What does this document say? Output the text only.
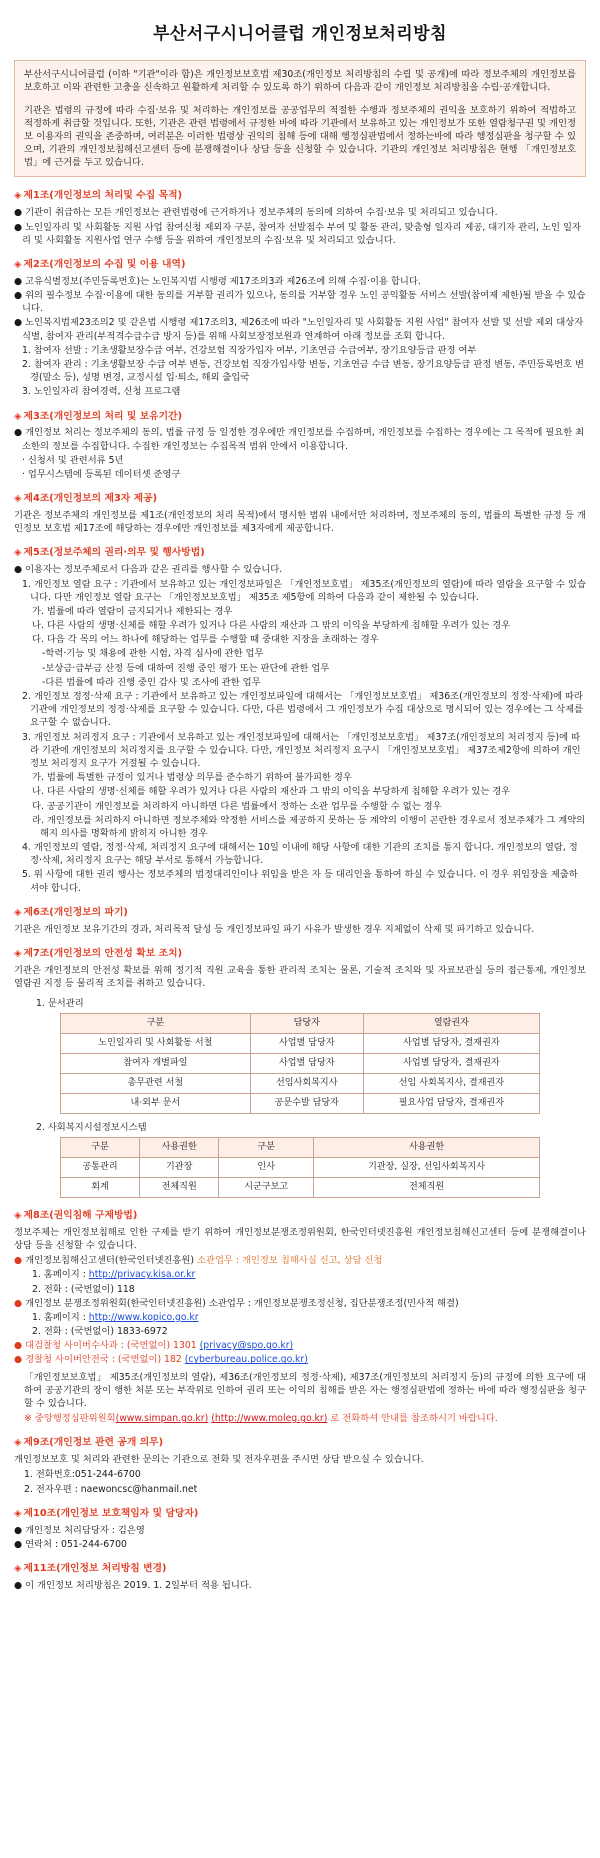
부산서구시니어클럽 개인정보처리방침

부산서구시니어클럽 (이하 "기관"이라 함)은 개인정보보호법 제30조(개인정보 처리방침의 수립 및 공개)에 따라 정보주체의 개인정보를 보호하고 이와 관련한 고충을 신속하고 원활하게 처리할 수 있도록 하기 위하여 다음과 같이 개인정보 처리방침을 수립·공개합니다.

기관은 법령의 규정에 따라 수집·보유 및 처리하는 개인정보를 공공업무의 적절한 수행과 정보주체의 권익을 보호하기 위하여 적법하고 적정하게 취급할 것입니다. 또한, 기관은 관련 법령에서 규정한 바에 따라 기관에서 보유하고 있는 개인정보가 또한 열람청구권 및 개인정보 이용자의 권익을 존중하며, 여러분은 이러한 법령상 권익의 침해 등에 대해 행정심판법에서 정하는바에 따라 행정심판을 청구할 수 있으며, 기관의 개인정보침해신고센터 등에 분쟁해결이나 상담 등을 신청할 수 있습니다. 기관의 개인정보 처리방침은 현행 「개인정보호법」에 근거를 두고 있습니다.

◈ 제1조(개인정보의 처리및 수집 목적)

● 기관이 취급하는 모든 개인정보는 관련법령에 근거하거나 정보주체의 동의에 의하여 수집·보유 및 처리되고 있습니다.

● 노인일자리 및 사회활동 지원 사업 참여신청 제외자 구분, 참여자 선발점수 부여 및 활동 관리, 맞춤형 일자리 제공, 대기자 관리, 노인 일자리 및 사회활동 지원사업 연구 수행 등을 위하여 개인정보의 수집·보유 및 처리되고 있습니다.

◈ 제2조(개인정보의 수집 및 이용 내역)

● 고유식별정보(주민등록번호)는 노인복지법 시행령 제17조의3과 제26조에 의해 수집·이용 합니다.

● 위의 필수정보 수집·이용에 대한 동의를 거부할 권리가 있으나, 동의를 거부할 경우 노인 공익활동 서비스 선발(참여제 제한)될 받을 수 있습니다.

● 노인복지법제23조의2 및 같은법 시행령 제17조의3, 제26조에 따라 "노인일자리 및 사회활동 지원 사업" 참여자 선발 및 선발 제외 대상자 식별, 참여자 관리(부적격수급수급 방지 등)를 위해 사회보장정보원과 연계하여 아래 정보를 조회 합니다.

1. 참여자 선발 : 기초생활보장수급 여부, 건강보험 직장가입자 여부, 기초연금 수급여부, 장기요양등급 판정 여부

2. 참여자 관리 : 기초생활보장 수급 여부 변동, 건강보험 직장가입사항 변동, 기초연금 수급 변동, 장기요양등급 판정 변동, 주민등록번호 변경(말소 등), 성명 변경, 교정시설 입·퇴소, 해외 출입국

3. 노인일자리 참여경력, 신청 프로그램

◈ 제3조(개인정보의 처리 및 보유기간)

● 개인정보 처리는 정보주체의 동의, 법률 규정 등 일정한 경우에만 개인정보를 수집하며, 개인정보를 수집하는 경우에는 그 목적에 필요한 최소한의 정보를 수집합니다. 수집한 개인정보는 수집목적 범위 안에서 이용합니다.

· 신청서 및 관련서류 5년

· 업무시스템에 등록된 데이터셋 준영구

◈ 제4조(개인정보의 제3자 제공)

기관은 정보주체의 개인정보를 제1조(개인정보의 처리 목적)에서 명시한 범위 내에서만 처리하며, 정보주체의 동의, 법률의 특별한 규정 등 개인정보 보호법 제17조에 해당하는 경우에만 개인정보를 제3자에게 제공합니다.

◈ 제5조(정보주체의 권리·의무 및 행사방법)

● 이용자는 정보주체로서 다음과 같은 권리를 행사할 수 있습니다.

1. 개인정보 열람 요구 : 기관에서 보유하고 있는 개인정보파일은 「개인정보호법」 제35조(개인정보의 열람)에 따라 열람을 요구할 수 있습니다. 다만 개인정보 열람 요구는 「개인정보보호법」 제35조 제5항에 의하여 다음과 같이 제한될 수 있습니다.

가. 법률에 따라 열람이 금지되거나 제한되는 경우

나. 다른 사람의 생명·신체를 해할 우려가 있거나 다른 사람의 재산과 그 밖의 이익을 부당하게 침해할 우려가 있는 경우

다. 다음 각 목의 어느 하나에 해당하는 업무를 수행할 때 중대한 지장을 초래하는 경우

-학력·기능 및 채용에 관한 시험, 자격 심사에 관한 업무

-보상금·급부금 산정 등에 대하여 진행 중인 평가 또는 판단에 관한 업무

-다른 법률에 따라 진행 중인 감사 및 조사에 관한 업무

2. 개인정보 정정·삭제 요구 : 기관에서 보유하고 있는 개인정보파일에 대해서는 「개인정보보호법」 제36조(개인정보의 정정·삭제)에 따라 기관에 개인정보의 정정·삭제를 요구할 수 있습니다. 다만, 다른 법령에서 그 개인정보가 수집 대상으로 명시되어 있는 경우에는 그 삭제를 요구할 수 없습니다.

3. 개인정보 처리정지 요구 : 기관에서 보유하고 있는 개인정보파일에 대해서는 「개인정보보호법」 제37조(개인정보의 처리정지 등)에 따라 기관에 개인정보의 처리정지를 요구할 수 있습니다. 다만, 개인정보 처리정지 요구시 「개인정보보호법」 제37조제2항에 의하여 개인정보 처리정지 요구가 거절될 수 있습니다.

가. 법률에 특별한 규정이 있거나 법령상 의무를 준수하기 위하여 불가피한 경우

나. 다른 사람의 생명·신체를 해할 우려가 있거나 다른 사람의 재산과 그 밖의 이익을 부당하게 침해할 우려가 있는 경우

다. 공공기관이 개인정보를 처리하지 아니하면 다른 법률에서 정하는 소관 업무를 수행할 수 없는 경우

라. 개인정보를 처리하지 아니하면 정보주체와 약정한 서비스를 제공하지 못하는 등 계약의 이행이 곤란한 경우로서 정보주체가 그 계약의 해지 의사를 명확하게 밝히지 아니한 경우

4. 개인정보의 열람, 정정·삭제, 처리정지 요구에 대해서는 10일 이내에 해당 사항에 대한 기관의 조치를 통지 합니다. 개인정보의 열람, 정정·삭제, 처리정지 요구는 해당 부서로 통해서 가능합니다.

5. 위 사항에 대한 권리 행사는 정보주체의 법정대리인이나 위임을 받은 자 등 대리인을 통하여 하실 수 있습니다. 이 경우 위임장을 제출하셔야 합니다.

◈ 제6조(개인정보의 파기)

기관은 개인정보 보유기간의 경과, 처리목적 달성 등 개인정보파일 파기 사유가 발생한 경우 지체없이 삭제 및 파기하고 있습니다.

◈ 제7조(개인정보의 안전성 확보 조치)

기관은 개인정보의 안전성 확보를 위해 정기적 직원 교육을 통한 관리적 조치는 물론, 기술적 조치와 및 자료보관실 등의 접근통제, 개인정보 열람권 지정 등 물리적 조치를 취하고 있습니다.

1. 문서관리

구분	담당자	열람권자
노인일자리 및 사회활동 서철	사업별 담당자	사업별 담당자, 결재권자
참여자 개별파일	사업별 담당자	사업별 담당자, 결재권자
총무관련 서철	선임사회복지사	선임 사회복지사, 결재권자
내·외부 문서	공문수발 담당자	필요사업 담당자, 결재권자

2. 사회복지시설정보시스템

구분	사용권한	구분	사용권한
공통관리	기관장	인사	기관장, 실장, 선임사회복지사
회계	전체직원	시군구보고	전체직원
◈ 제8조(권익침해 구제방법)

정보주체는 개인정보침해로 인한 구제를 받기 위하여 개인정보분쟁조정위원회, 한국인터넷진흥원 개인정보침해신고센터 등에 분쟁해결이나 상담 등을 신청할 수 있습니다.

● 개인정보침해신고센터(한국인터넷진흥원) 소관업무 : 개인정보 침해사실 신고, 상담 신청

1. 홈페이지 : http://privacy.kisa.or.kr

2. 전화 : (국번없이) 118

● 개인정보 분쟁조정위원회(한국인터넷진흥원) 소관업무 : 개인정보분쟁조정신청, 집단분쟁조정(민사적 해결)

1. 홈페이지 : http://www.kopico.go.kr

2. 전화 : (국번없이) 1833-6972

● 대검찰청 사이버수사과 : (국번없이) 1301 (privacy@spo.go.kr)

● 경찰청 사이버안전국 : (국번없이) 182 (cyberbureau.police.go.kr)

「개인정보보호법」 제35조(개인정보의 열람), 제36조(개인정보의 정정·삭제), 제37조(개인정보의 처리정지 등)의 규정에 의한 요구에 대하여 공공기관의 장이 행한 처분 또는 부작위로 인하여 권리 또는 이익의 침해를 받은 자는 행정심판법에 정하는 바에 따라 행정심판을 청구할 수 있습니다.

※ 중앙행정심판위원회(www.simpan.go.kr) (http://www.moleg.go.kr) 로 전화하셔 안내를 참조하시기 바랍니다.

◈ 제9조(개인정보 관련 공개 의무)

개인정보보호 및 처리와 관련한 문의는 기관으로 전화 및 전자우편을 주시면 상담 받으실 수 있습니다.

1. 전화번호:051-244-6700

2. 전자우편 : naewoncsc@hanmail.net

◈ 제10조(개인정보 보호책임자 및 담당자)

● 개인정보 처리담당자 : 김은영

● 연락처 : 051-244-6700

◈ 제11조(개인정보 처리방침 변경)

● 이 개인정보 처리방침은 2019. 1. 2일부터 적용 됩니다.
